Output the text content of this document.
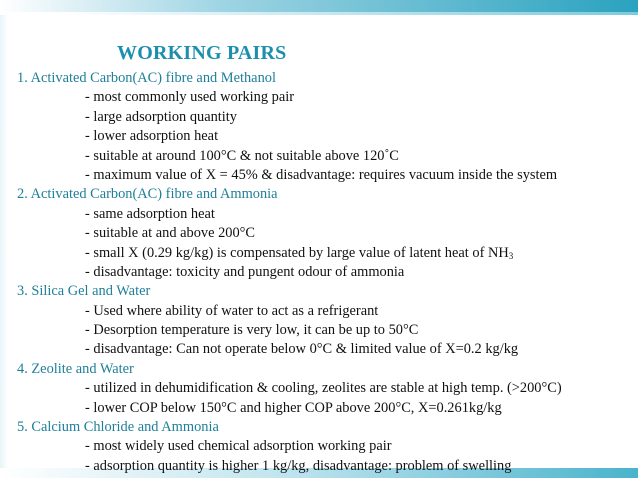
WORKING PAIRS
1. Activated Carbon(AC) fibre and Methanol
- most commonly used working pair
- large adsorption quantity
- lower adsorption heat
- suitable at around 100°C & not suitable above 120˚C
- maximum value of X = 45% & disadvantage: requires vacuum inside the system
2. Activated Carbon(AC) fibre and Ammonia
- same adsorption heat
- suitable at and above 200°C
- small X (0.29 kg/kg) is compensated by large value of latent heat of $NH_3$
- disadvantage: toxicity and pungent odour of ammonia
3. Silica Gel and Water
- Used where ability of water to act as a refrigerant
- Desorption temperature is very low, it can be up to 50°C
- disadvantage: Can not operate below 0°C & limited value of X=0.2 kg/kg
4. Zeolite and Water
- utilized in dehumidification & cooling, zeolites are stable at high temp. (>200°C)
- lower COP below 150°C and higher COP above 200°C, X=0.261kg/kg
5. Calcium Chloride and Ammonia
- most widely used chemical adsorption working pair
- adsorption quantity is higher 1 kg/kg, disadvantage: problem of swelling
